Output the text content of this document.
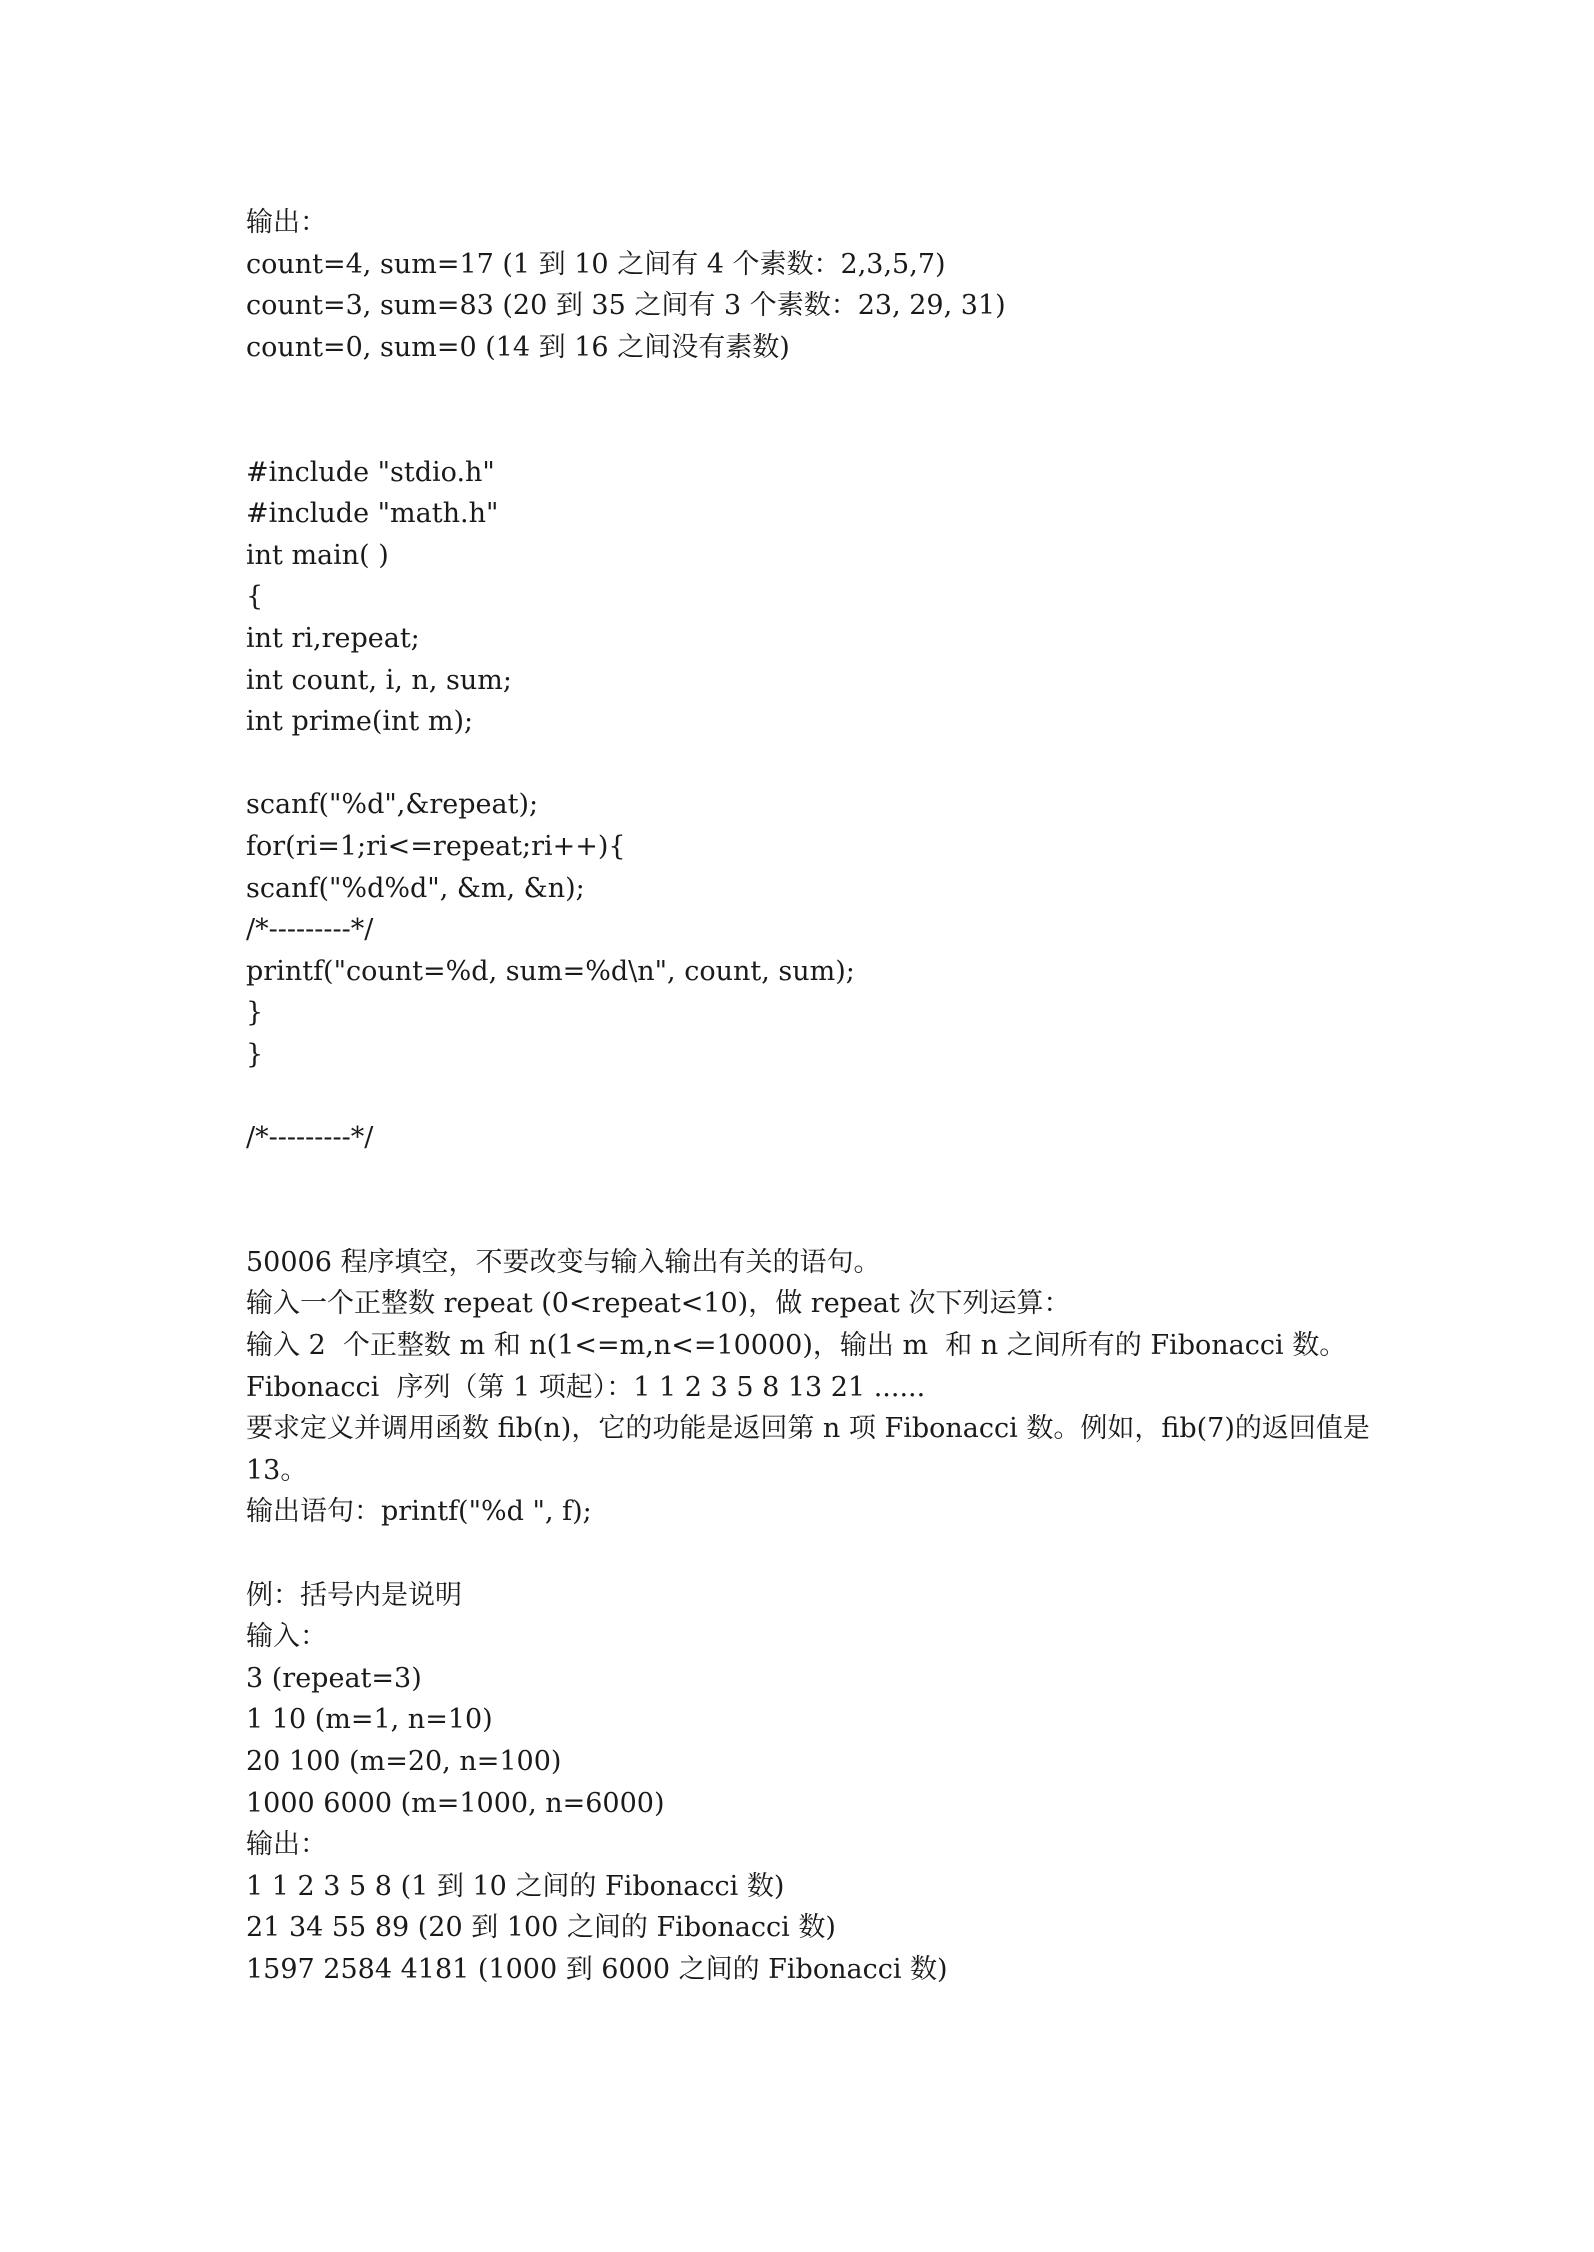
输出：

count=4, sum=17 (1 到 10 之间有 4 个素数：2,3,5,7)

count=3, sum=83 (20 到 35 之间有 3 个素数：23, 29, 31)

count=0, sum=0 (14 到 16 之间没有素数)

#include "stdio.h"

#include "math.h"

int main( )

{

int ri,repeat;

int count, i, n, sum;

int prime(int m);

scanf("%d",&repeat);

for(ri=1;ri<=repeat;ri++){

scanf("%d%d", &m, &n);

/*---------*/

printf("count=%d, sum=%d\n", count, sum);

}

}

/*---------*/

50006 程序填空，不要改变与输入输出有关的语句。

输入一个正整数 repeat (0<repeat<10)，做 repeat 次下列运算：

输入 2  个正整数 m 和 n(1<=m,n<=10000)，输出 m  和 n 之间所有的 Fibonacci 数。

Fibonacci  序列（第 1 项起）：1 1 2 3 5 8 13 21 ......

要求定义并调用函数 fib(n)，它的功能是返回第 n 项 Fibonacci 数。例如，fib(7)的返回值是

13。

输出语句：printf("%d ", f);

例：括号内是说明

输入：

3 (repeat=3)

1 10 (m=1, n=10)

20 100 (m=20, n=100)

1000 6000 (m=1000, n=6000)

输出：

1 1 2 3 5 8 (1 到 10 之间的 Fibonacci 数)

21 34 55 89 (20 到 100 之间的 Fibonacci 数)

1597 2584 4181 (1000 到 6000 之间的 Fibonacci 数)
